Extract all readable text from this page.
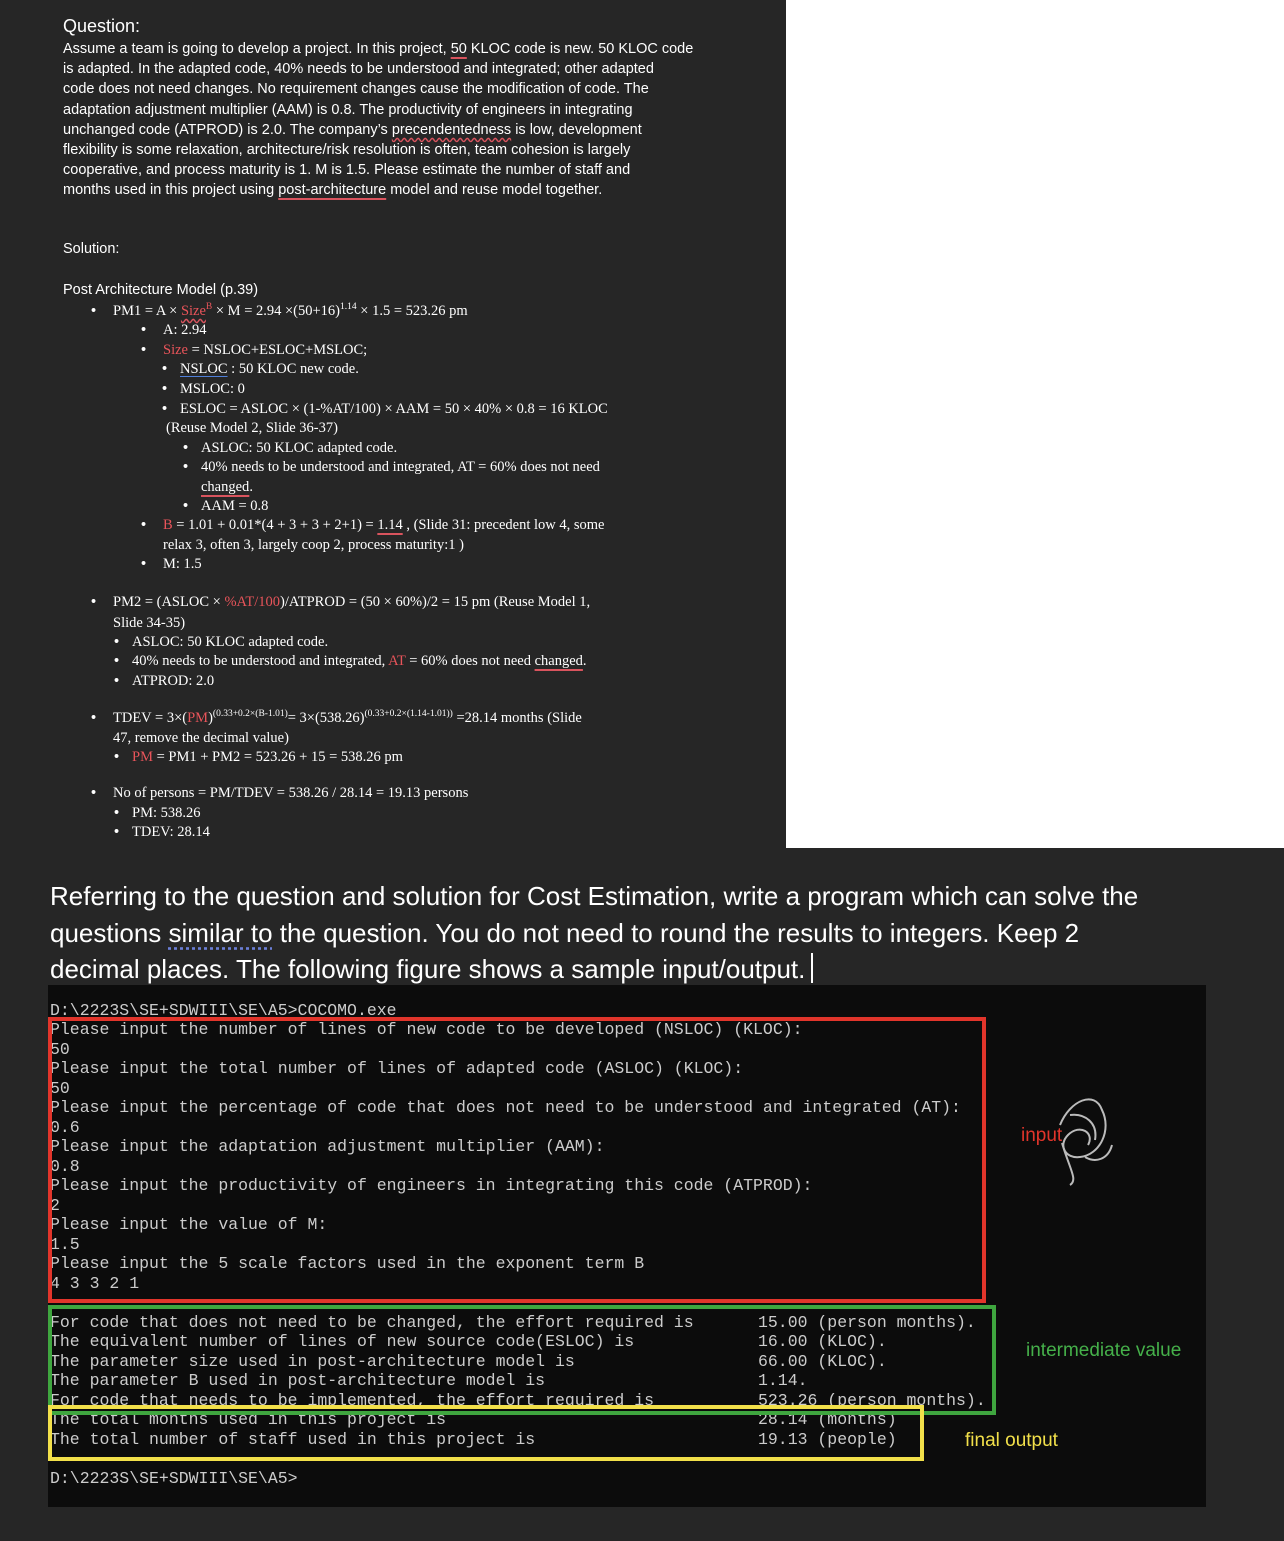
Question:
Assume a team is going to develop a project. In this project, 50 KLOC code is new. 50 KLOC code
is adapted. In the adapted code, 40% needs to be understood and integrated; other adapted
code does not need changes. No requirement changes cause the modification of code. The
adaptation adjustment multiplier (AAM) is 0.8. The productivity of engineers in integrating
unchanged code (ATPROD) is 2.0. The company’s precendentedness is low, development
flexibility is some relaxation, architecture/risk resolution is often, team cohesion is largely
cooperative, and process maturity is 1. M is 1.5. Please estimate the number of staff and
months used in this project using post-architecture model and reuse model together.
Solution:
Post Architecture Model (p.39)
• PM1 = A × Size$^B$ × $M = 2.94 \times(50+16)^{1.14} \times 1.5 = 523.26$ pm
• A: 2.94
• Size = NSLOC+ESLOC+MSLOC;
• NSLOC : 50 KLOC new code.
• MSLOC: 0
• ESLOC = ASLOC × (1-%AT/100) × AAM = 50 × 40% × 0.8 = 16 KLOC
(Reuse Model 2, Slide 36-37)
• ASLOC: 50 KLOC adapted code.
• 40% needs to be understood and integrated, AT = 60% does not need
changed.
• AAM = 0.8
• B = 1.01 + 0.01*(4 + 3 + 3 + 2+1) = 1.14 , (Slide 31: precedent low 4, some
relax 3, often 3, largely coop 2, process maturity:1 )
• M: 1.5
• PM2 = (ASLOC × %AT/100)/ATPROD = (50 × 60%)/2 = 15 pm (Reuse Model 1,
Slide 34-35)
• ASLOC: 50 KLOC adapted code.
• 40% needs to be understood and integrated, AT = 60% does not need changed.
• ATPROD: 2.0
• TDEV = $3\times(PM)^{(0.33+0.2\times(B-1.01)}= 3\times(538.26)^{(0.33+0.2\times(1.14-1.01))} =28.14$ months (Slide
47, remove the decimal value)
• PM = PM1 + PM2 = 523.26 + 15 = 538.26 pm
• No of persons = PM/TDEV = 538.26 / 28.14 = 19.13 persons
• PM: 538.26
• TDEV: 28.14
Referring to the question and solution for Cost Estimation, write a program which can solve the
questions similar to the question. You do not need to round the results to integers. Keep 2
decimal places. The following figure shows a sample input/output.
D:\2223S\SE+SDWIII\SE\A5>COCOMO.exe
Please input the number of lines of new code to be developed (NSLOC) (KLOC):
50
Please input the total number of lines of adapted code (ASLOC) (KLOC):
50
Please input the percentage of code that does not need to be understood and integrated (AT):
0.6
Please input the adaptation adjustment multiplier (AAM):
0.8
Please input the productivity of engineers in integrating this code (ATPROD):
2
Please input the value of M:
1.5
Please input the 5 scale factors used in the exponent term B
4 3 3 2 1
For code that does not need to be changed, the effort required is	15.00 (person months).
The equivalent number of lines of new source code(ESLOC) is	16.00 (KLOC).
The parameter size used in post-architecture model is	66.00 (KLOC).
The parameter B used in post-architecture model is	1.14.
For code that needs to be implemented, the effort required is	523.26 (person months).
The total months used in this project is	28.14 (months)
The total number of staff used in this project is	19.13 (people)
D:\2223S\SE+SDWIII\SE\A5>
input
intermediate value
final output
